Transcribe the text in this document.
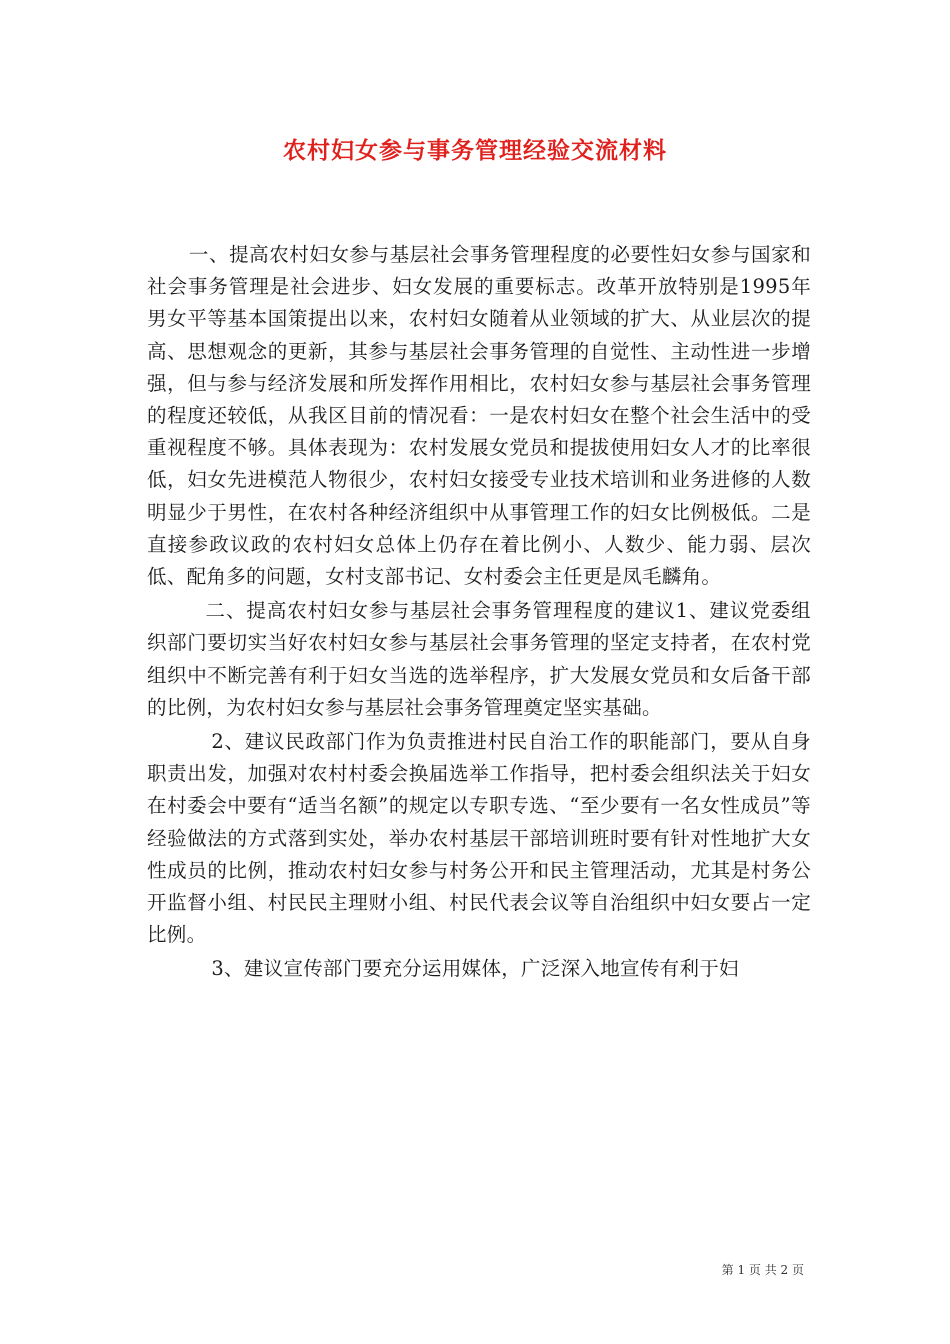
农村妇女参与事务管理经验交流材料

一、提高农村妇女参与基层社会事务管理程度的必要性妇女参与国家和社会事务管理是社会进步、妇女发展的重要标志。改革开放特别是1995年男女平等基本国策提出以来，农村妇女随着从业领域的扩大、从业层次的提高、思想观念的更新，其参与基层社会事务管理的自觉性、主动性进一步增强，但与参与经济发展和所发挥作用相比，农村妇女参与基层社会事务管理的程度还较低，从我区目前的情况看：一是农村妇女在整个社会生活中的受重视程度不够。具体表现为：农村发展女党员和提拔使用妇女人才的比率很低，妇女先进模范人物很少，农村妇女接受专业技术培训和业务进修的人数明显少于男性，在农村各种经济组织中从事管理工作的妇女比例极低。二是直接参政议政的农村妇女总体上仍存在着比例小、人数少、能力弱、层次低、配角多的问题，女村支部书记、女村委会主任更是凤毛麟角。

二、提高农村妇女参与基层社会事务管理程度的建议1、建议党委组织部门要切实当好农村妇女参与基层社会事务管理的坚定支持者，在农村党组织中不断完善有利于妇女当选的选举程序，扩大发展女党员和女后备干部的比例，为农村妇女参与基层社会事务管理奠定坚实基础。

2、建议民政部门作为负责推进村民自治工作的职能部门，要从自身职责出发，加强对农村村委会换届选举工作指导，把村委会组织法关于妇女在村委会中要有“适当名额”的规定以专职专选、“至少要有一名女性成员”等经验做法的方式落到实处，举办农村基层干部培训班时要有针对性地扩大女性成员的比例，推动农村妇女参与村务公开和民主管理活动，尤其是村务公开监督小组、村民民主理财小组、村民代表会议等自治组织中妇女要占一定比例。

3、建议宣传部门要充分运用媒体，广泛深入地宣传有利于妇

第 1 页 共 2 页
